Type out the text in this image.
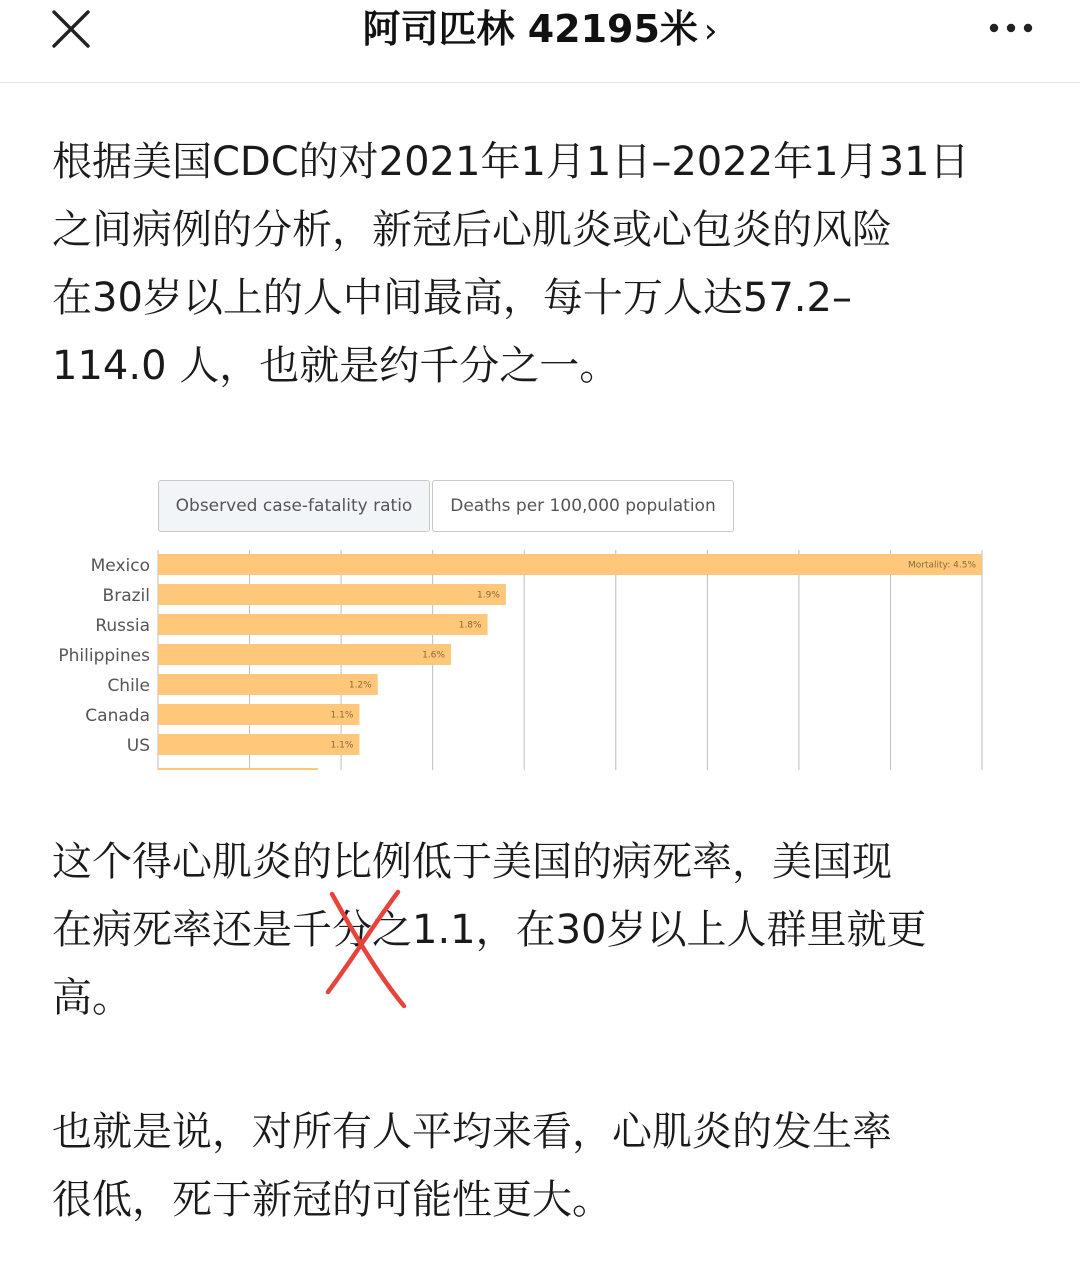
阿司匹林 42195米 ›

根据美国CDC的对2021年1月1日–2022年1月31日
之间病例的分析，新冠后心肌炎或心包炎的风险
在30岁以上的人中间最高，每十万人达57.2–
114.0 人，也就是约千分之一。

Observed case-fatality ratio	Deaths per 100,000 population
Mexico	Mortality: 4.5%
Brazil	1.9%
Russia	1.8%
Philippines	1.6%
Chile	1.2%
Canada	1.1%
US	1.1%

这个得心肌炎的比例低于美国的病死率，美国现
在病死率还是千分之1.1，在30岁以上人群里就更
高。

也就是说，对所有人平均来看，心肌炎的发生率
很低，死于新冠的可能性更大。
